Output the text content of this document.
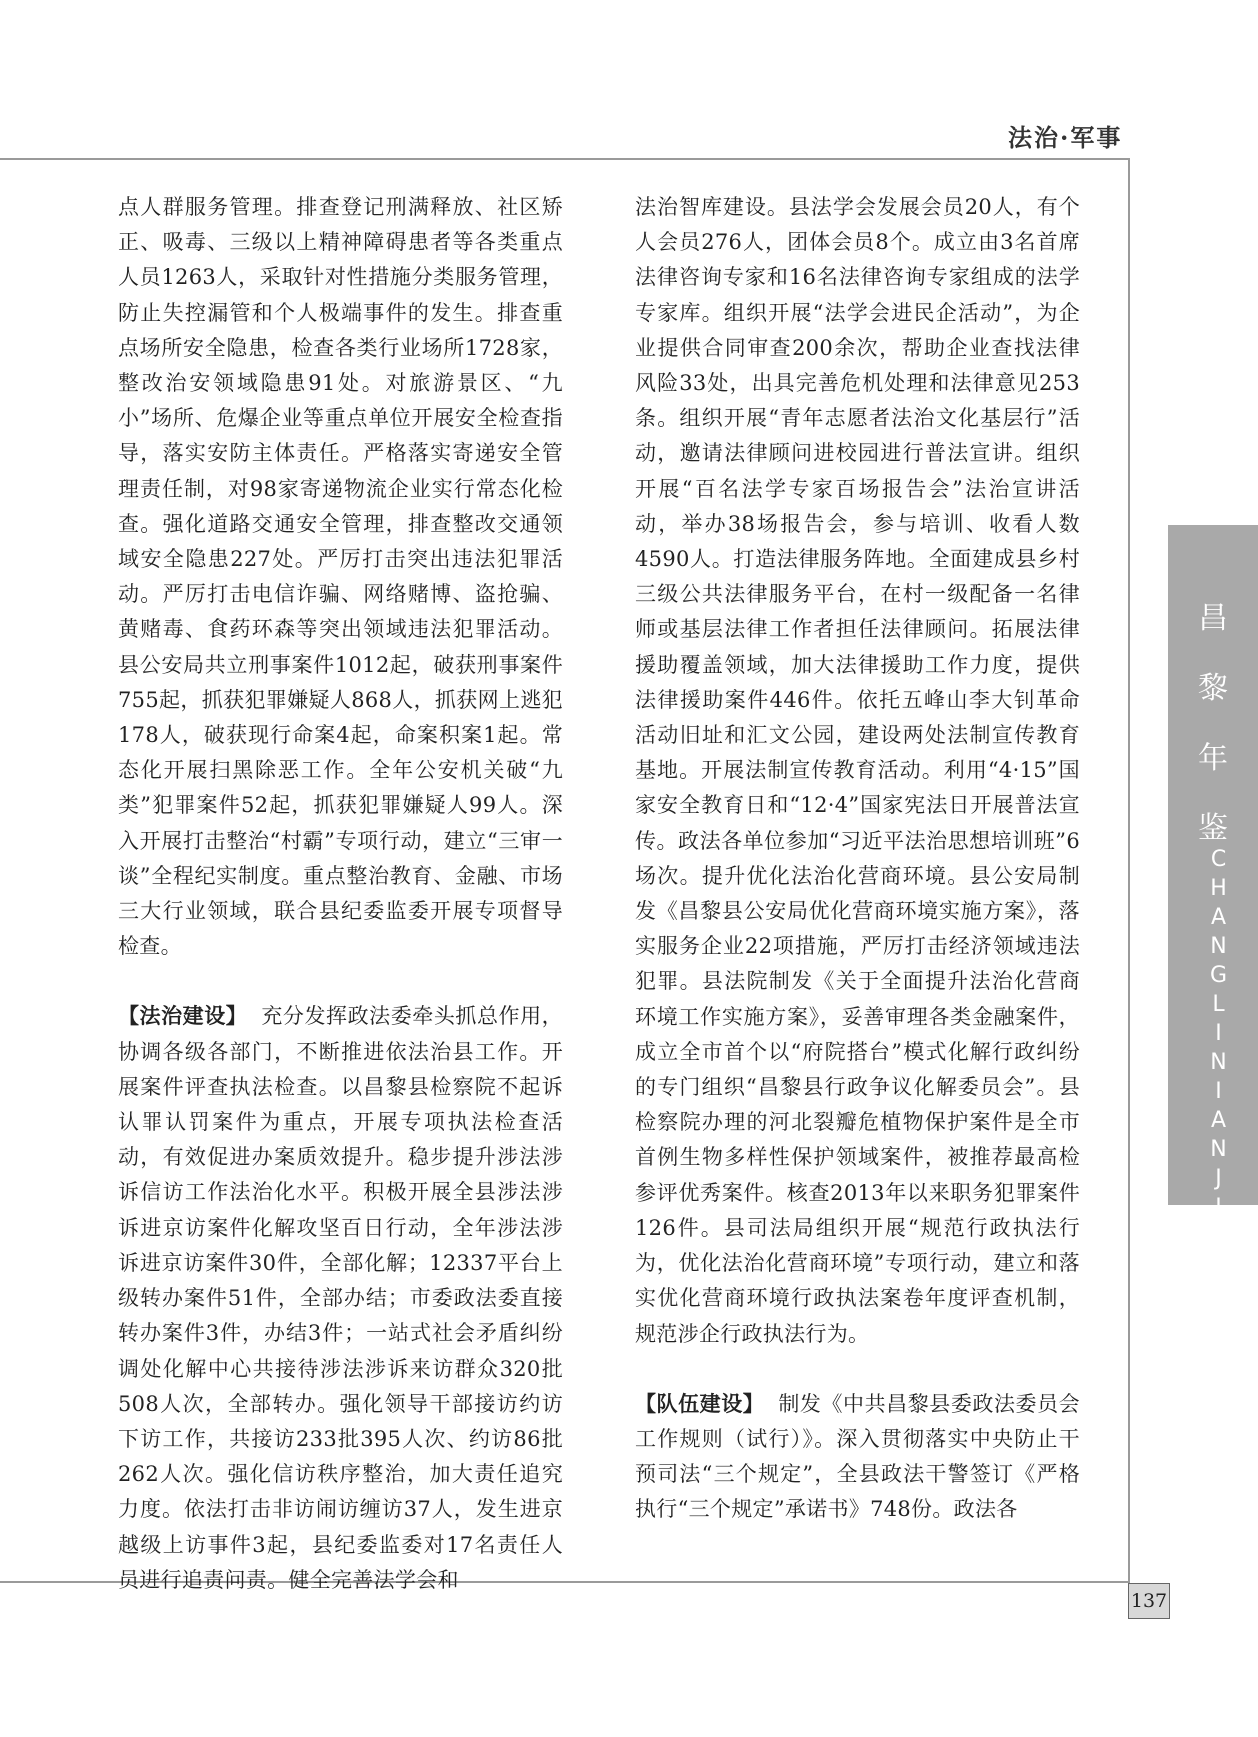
法治·军事

点人群服务管理。排查登记刑满释放、社区矫正、吸毒、三级以上精神障碍患者等各类重点人员1263人，采取针对性措施分类服务管理，防止失控漏管和个人极端事件的发生。排查重点场所安全隐患，检查各类行业场所1728家，整改治安领域隐患91处。对旅游景区、“九小”场所、危爆企业等重点单位开展安全检查指导，落实安防主体责任。严格落实寄递安全管理责任制，对98家寄递物流企业实行常态化检查。强化道路交通安全管理，排查整改交通领域安全隐患227处。严厉打击突出违法犯罪活动。严厉打击电信诈骗、网络赌博、盗抢骗、黄赌毒、食药环森等突出领域违法犯罪活动。县公安局共立刑事案件1012起，破获刑事案件755起，抓获犯罪嫌疑人868人，抓获网上逃犯178人，破获现行命案4起，命案积案1起。常态化开展扫黑除恶工作。全年公安机关破“九类”犯罪案件52起，抓获犯罪嫌疑人99人。深入开展打击整治“村霸”专项行动，建立“三审一谈”全程纪实制度。重点整治教育、金融、市场三大行业领域，联合县纪委监委开展专项督导检查。

【法治建设】 充分发挥政法委牵头抓总作用，协调各级各部门，不断推进依法治县工作。开展案件评查执法检查。以昌黎县检察院不起诉认罪认罚案件为重点，开展专项执法检查活动，有效促进办案质效提升。稳步提升涉法涉诉信访工作法治化水平。积极开展全县涉法涉诉进京访案件化解攻坚百日行动，全年涉法涉诉进京访案件30件，全部化解；12337平台上级转办案件51件，全部办结；市委政法委直接转办案件3件，办结3件；一站式社会矛盾纠纷调处化解中心共接待涉法涉诉来访群众320批508人次，全部转办。强化领导干部接访约访下访工作，共接访233批395人次、约访86批262人次。强化信访秩序整治，加大责任追究力度。依法打击非访闹访缠访37人，发生进京越级上访事件3起，县纪委监委对17名责任人员进行追责问责。健全完善法学会和

法治智库建设。县法学会发展会员20人，有个人会员276人，团体会员8个。成立由3名首席法律咨询专家和16名法律咨询专家组成的法学专家库。组织开展“法学会进民企活动”，为企业提供合同审查200余次，帮助企业查找法律风险33处，出具完善危机处理和法律意见253条。组织开展“青年志愿者法治文化基层行”活动，邀请法律顾问进校园进行普法宣讲。组织开展“百名法学专家百场报告会”法治宣讲活动，举办38场报告会，参与培训、收看人数4590人。打造法律服务阵地。全面建成县乡村三级公共法律服务平台，在村一级配备一名律师或基层法律工作者担任法律顾问。拓展法律援助覆盖领域，加大法律援助工作力度，提供法律援助案件446件。依托五峰山李大钊革命活动旧址和汇文公园，建设两处法制宣传教育基地。开展法制宣传教育活动。利用“4·15”国家安全教育日和“12·4”国家宪法日开展普法宣传。政法各单位参加“习近平法治思想培训班”6场次。提升优化法治化营商环境。县公安局制发《昌黎县公安局优化营商环境实施方案》，落实服务企业22项措施，严厉打击经济领域违法犯罪。县法院制发《关于全面提升法治化营商环境工作实施方案》，妥善审理各类金融案件，成立全市首个以“府院搭台”模式化解行政纠纷的专门组织“昌黎县行政争议化解委员会”。县检察院办理的河北裂瓣危植物保护案件是全市首例生物多样性保护领域案件，被推荐最高检参评优秀案件。核查2013年以来职务犯罪案件126件。县司法局组织开展“规范行政执法行为，优化法治化营商环境”专项行动，建立和落实优化营商环境行政执法案卷年度评查机制，规范涉企行政执法行为。

【队伍建设】 制发《中共昌黎县委政法委员会工作规则（试行）》。深入贯彻落实中央防止干预司法“三个规定”，全县政法干警签订《严格执行“三个规定”承诺书》748份。政法各

昌
黎
年
鉴
CHANGLINIANJIAN
137
